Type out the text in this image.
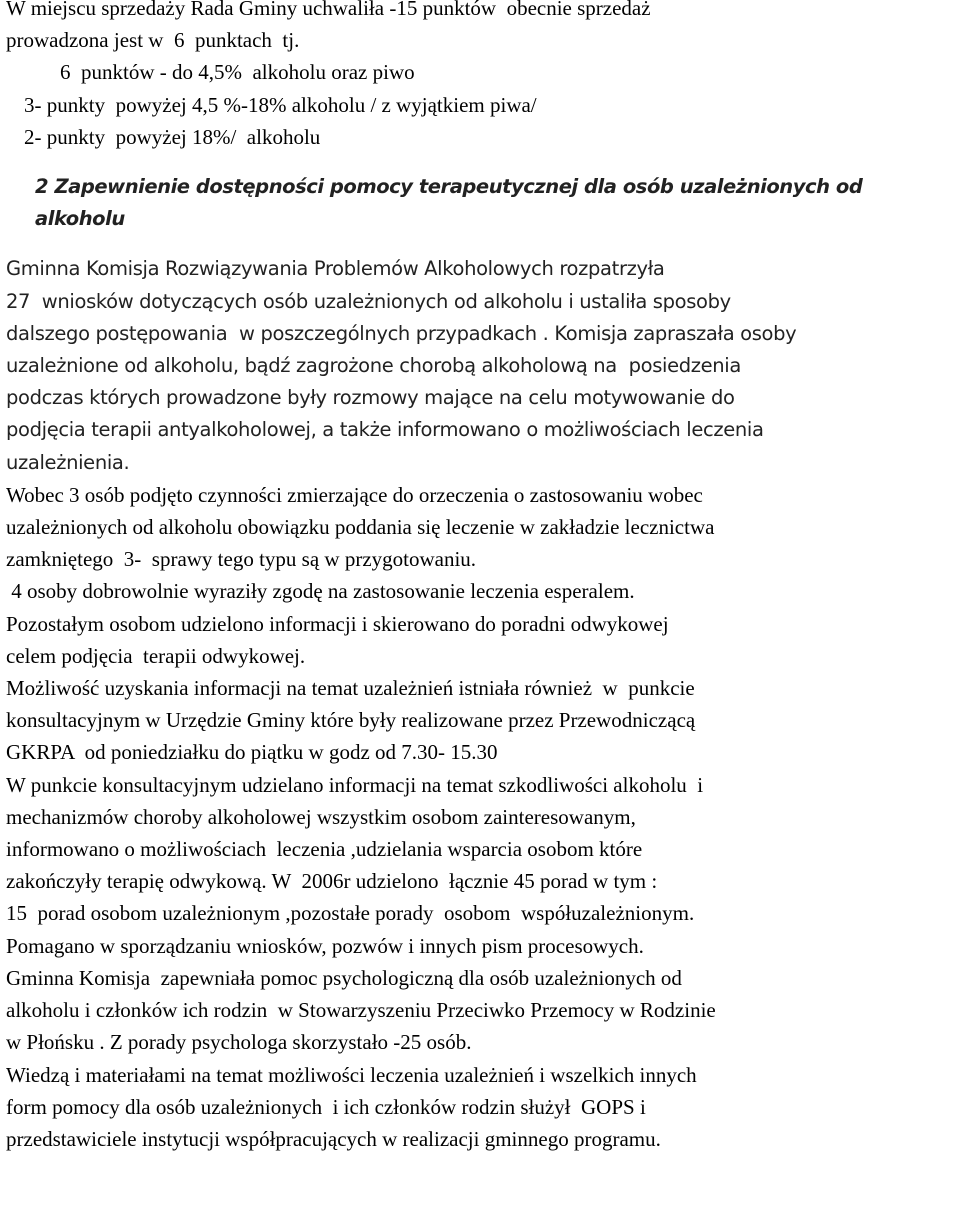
W miejscu sprzedaży Rada Gminy uchwaliła -15 punktów  obecnie sprzedaż
prowadzona jest w  6  punktach  tj.
6  punktów - do 4,5%  alkoholu oraz piwo
3- punkty  powyżej 4,5 %-18% alkoholu / z wyjątkiem piwa/
2- punkty  powyżej 18%/  alkoholu
2 Zapewnienie dostępności pomocy terapeutycznej dla osób uzależnionych od
alkoholu
Gminna Komisja Rozwiązywania Problemów Alkoholowych rozpatrzyła
27  wniosków dotyczących osób uzależnionych od alkoholu i ustaliła sposoby
dalszego postępowania  w poszczególnych przypadkach . Komisja zapraszała osoby
uzależnione od alkoholu, bądź zagrożone chorobą alkoholową na  posiedzenia
podczas których prowadzone były rozmowy mające na celu motywowanie do
podjęcia terapii antyalkoholowej, a także informowano o możliwościach leczenia
uzależnienia.
Wobec 3 osób podjęto czynności zmierzające do orzeczenia o zastosowaniu wobec
uzależnionych od alkoholu obowiązku poddania się leczenie w zakładzie lecznictwa
zamkniętego  3-  sprawy tego typu są w przygotowaniu.
4 osoby dobrowolnie wyraziły zgodę na zastosowanie leczenia esperalem.
Pozostałym osobom udzielono informacji i skierowano do poradni odwykowej
celem podjęcia  terapii odwykowej.
Możliwość uzyskania informacji na temat uzależnień istniała również  w  punkcie
konsultacyjnym w Urzędzie Gminy które były realizowane przez Przewodniczącą
GKRPA  od poniedziałku do piątku w godz od 7.30- 15.30
W punkcie konsultacyjnym udzielano informacji na temat szkodliwości alkoholu  i
mechanizmów choroby alkoholowej wszystkim osobom zainteresowanym,
informowano o możliwościach  leczenia ,udzielania wsparcia osobom które
zakończyły terapię odwykową. W  2006r udzielono  łącznie 45 porad w tym :
15  porad osobom uzależnionym ,pozostałe porady  osobom  współuzależnionym.
Pomagano w sporządzaniu wniosków, pozwów i innych pism procesowych.
Gminna Komisja  zapewniała pomoc psychologiczną dla osób uzależnionych od
alkoholu i członków ich rodzin  w Stowarzyszeniu Przeciwko Przemocy w Rodzinie
w Płońsku . Z porady psychologa skorzystało -25 osób.
Wiedzą i materiałami na temat możliwości leczenia uzależnień i wszelkich innych
form pomocy dla osób uzależnionych  i ich członków rodzin służył  GOPS i
przedstawiciele instytucji współpracujących w realizacji gminnego programu.
